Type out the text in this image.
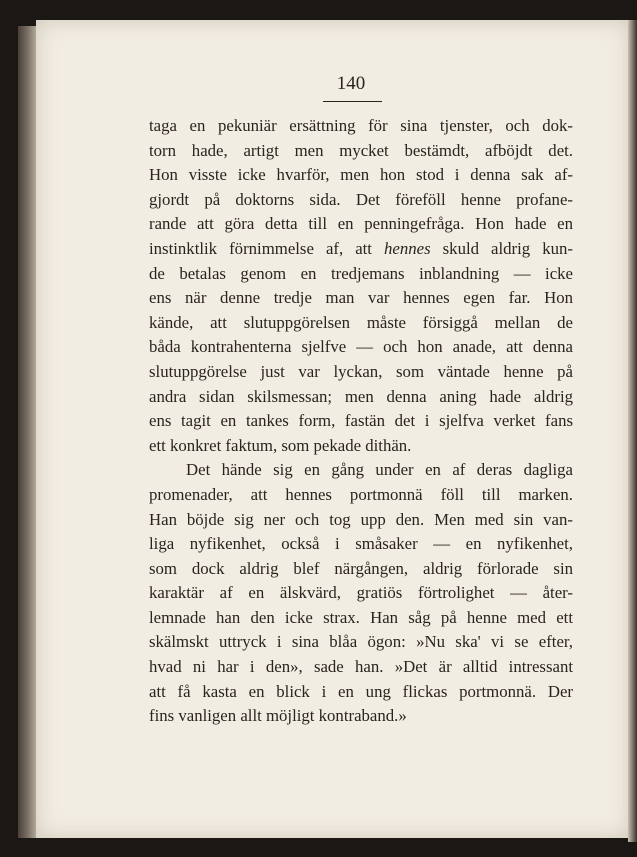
140
taga en pekuniär ersättning för sina tjenster, och dok-
torn hade, artigt men mycket bestämdt, afböjdt det.
Hon visste icke hvarför, men hon stod i denna sak af-
gjordt på doktorns sida. Det föreföll henne profane-
rande att göra detta till en penningefråga. Hon hade en
instinktlik förnimmelse af, att hennes skuld aldrig kun-
de betalas genom en tredjemans inblandning — icke
ens när denne tredje man var hennes egen far. Hon
kände, att slutuppgörelsen måste försiggå mellan de
båda kontrahenterna sjelfve — och hon anade, att denna
slutuppgörelse just var lyckan, som väntade henne på
andra sidan skilsmessan; men denna aning hade aldrig
ens tagit en tankes form, fastän det i sjelfva verket fans
ett konkret faktum, som pekade dithän.
Det hände sig en gång under en af deras dagliga
promenader, att hennes portmonnä föll till marken.
Han böjde sig ner och tog upp den. Men med sin van-
liga nyfikenhet, också i småsaker — en nyfikenhet,
som dock aldrig blef närgången, aldrig förlorade sin
karaktär af en älskvärd, gratiös förtrolighet — åter-
lemnade han den icke strax. Han såg på henne med ett
skälmskt uttryck i sina blåa ögon: »Nu ska' vi se efter,
hvad ni har i den», sade han. »Det är alltid intressant
att få kasta en blick i en ung flickas portmonnä. Der
fins vanligen allt möjligt kontraband.»
